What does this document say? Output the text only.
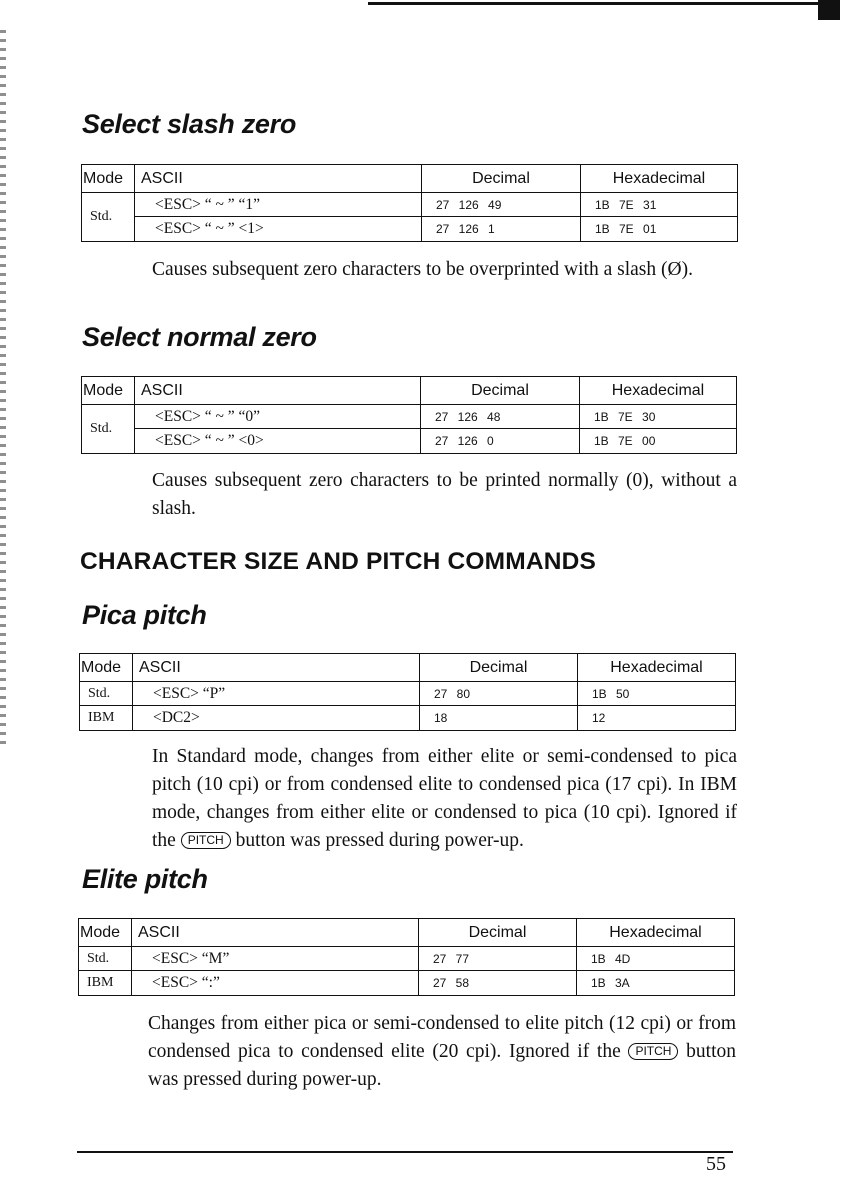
Select slash zero
Mode	ASCII	Decimal	Hexadecimal
Std.	<ESC> “ ~ ” “1”	27 126 49	1B 7E 31
	<ESC> “ ~ ” <1>	27 126 1	1B 7E 01

Causes subsequent zero characters to be overprinted with a slash (Ø).

Select normal zero
Mode	ASCII	Decimal	Hexadecimal
Std.	<ESC> “ ~ ” “0”	27 126 48	1B 7E 30
	<ESC> “ ~ ” <0>	27 126 0	1B 7E 00

Causes subsequent zero characters to be printed normally (0), without a slash.

CHARACTER SIZE AND PITCH COMMANDS
Pica pitch
Mode	ASCII	Decimal	Hexadecimal
Std.	<ESC> “P”	27 80	1B 50
IBM	<DC2>	18	12

In Standard mode, changes from either elite or semi-condensed to pica pitch (10 cpi) or from condensed elite to condensed pica (17 cpi). In IBM mode, changes from either elite or condensed to pica (10 cpi). Ignored if the PITCH button was pressed during power-up.

Elite pitch
Mode	ASCII	Decimal	Hexadecimal
Std.	<ESC> “M”	27 77	1B 4D
IBM	<ESC> “:”	27 58	1B 3A

Changes from either pica or semi-condensed to elite pitch (12 cpi) or from condensed pica to condensed elite (20 cpi). Ignored if the PITCH button was pressed during power-up.

55
